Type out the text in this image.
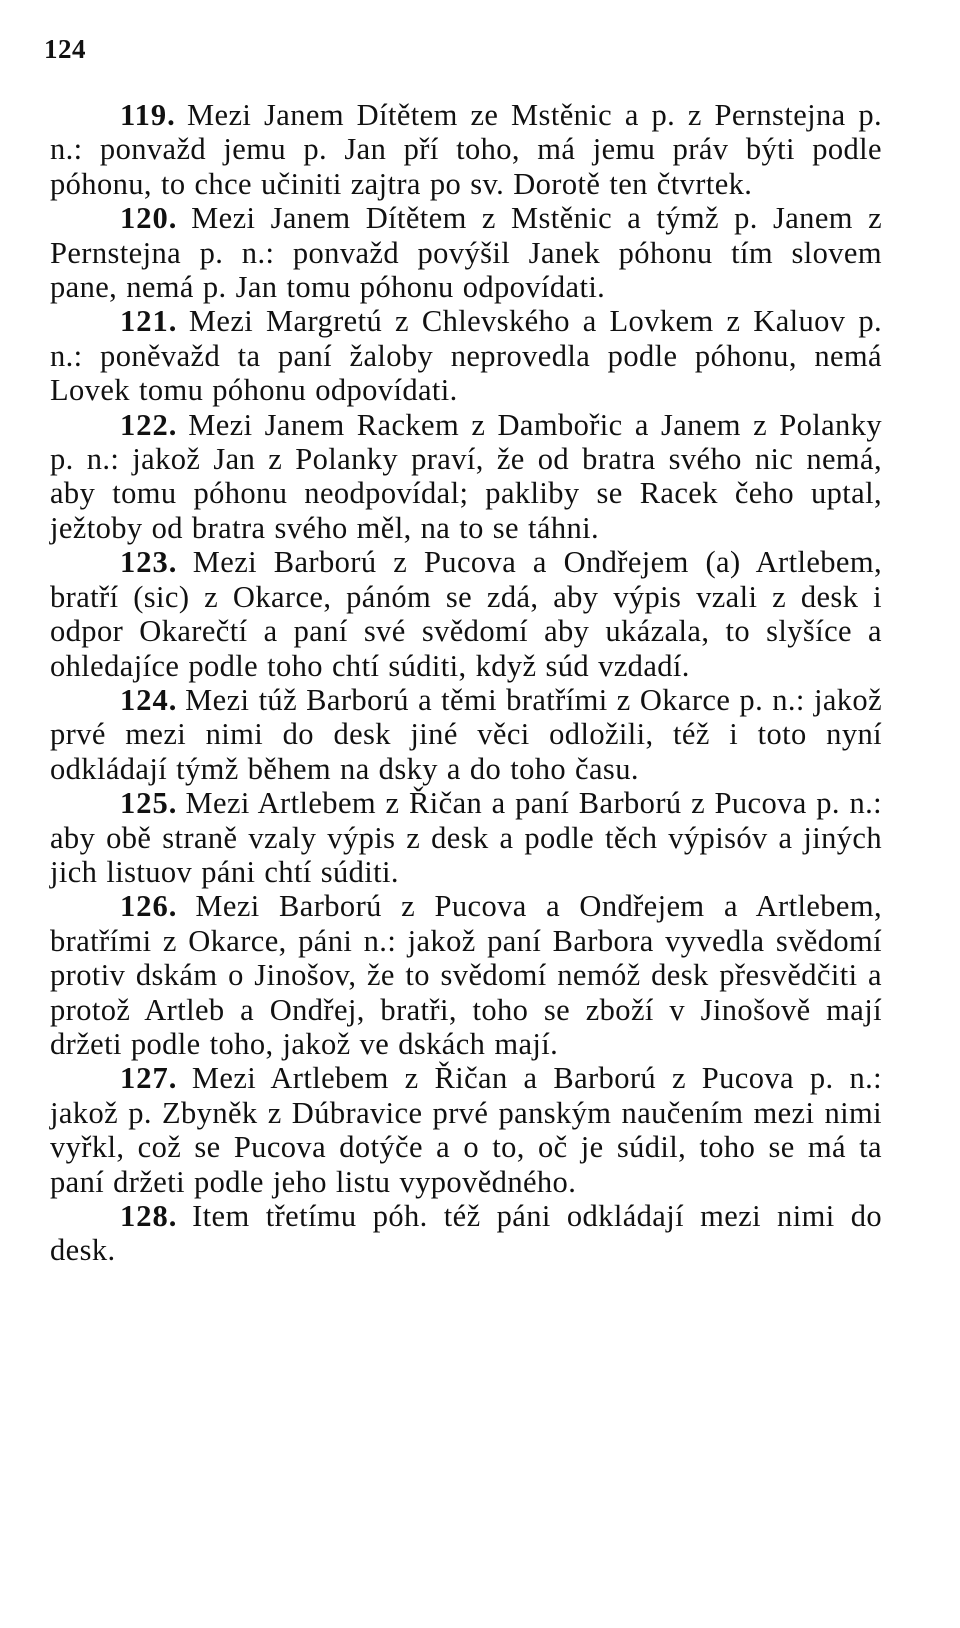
124

119. Mezi Janem Dítětem ze Mstěnic a p. z Pernstejna p. n.: ponvažd jemu p. Jan pří toho, má jemu práv býti podle póhonu, to chce učiniti zajtra po sv. Dorotě ten čtvrtek.

120. Mezi Janem Dítětem z Mstěnic a týmž p. Janem z Pernstejna p. n.: ponvažd povýšil Janek póhonu tím slovem pane, nemá p. Jan tomu póhonu odpovídati.

121. Mezi Margretú z Chlevského a Lovkem z Kaluov p. n.: poněvažd ta paní žaloby neprovedla podle póhonu, nemá Lovek tomu póhonu odpovídati.

122. Mezi Janem Rackem z Dambořic a Janem z Polanky p. n.: jakož Jan z Polanky praví, že od bratra svého nic nemá, aby tomu póhonu neodpovídal; pakliby se Racek čeho uptal, ježtoby od bratra svého měl, na to se táhni.

123. Mezi Barború z Pucova a Ondřejem (a) Artlebem, bratří (sic) z Okarce, pánóm se zdá, aby výpis vzali z desk i odpor Okarečtí a paní své svědomí aby ukázala, to slyšíce a ohledajíce podle toho chtí súditi, když súd vzdadí.

124. Mezi túž Barború a těmi bratřími z Okarce p. n.: jakož prvé mezi nimi do desk jiné věci odložili, též i toto nyní odkládají týmž během na dsky a do toho času.

125. Mezi Artlebem z Řičan a paní Barború z Pucova p. n.: aby obě straně vzaly výpis z desk a podle těch výpisóv a jiných jich listuov páni chtí súditi.

126. Mezi Barború z Pucova a Ondřejem a Artlebem, bratřími z Okarce, páni n.: jakož paní Barbora vyvedla svědomí protiv dskám o Jinošov, že to svědomí nemóž desk přesvědčiti a protož Artleb a Ondřej, bratři, toho se zboží v Jinošově mají držeti podle toho, jakož ve dskách mají.

127. Mezi Artlebem z Řičan a Barború z Pucova p. n.: jakož p. Zbyněk z Dúbravice prvé panským naučením mezi nimi vyřkl, což se Pucova dotýče a o to, oč je súdil, toho se má ta paní držeti podle jeho listu vypovědného.

128. Item třetímu póh. též páni odkládají mezi nimi do desk.
